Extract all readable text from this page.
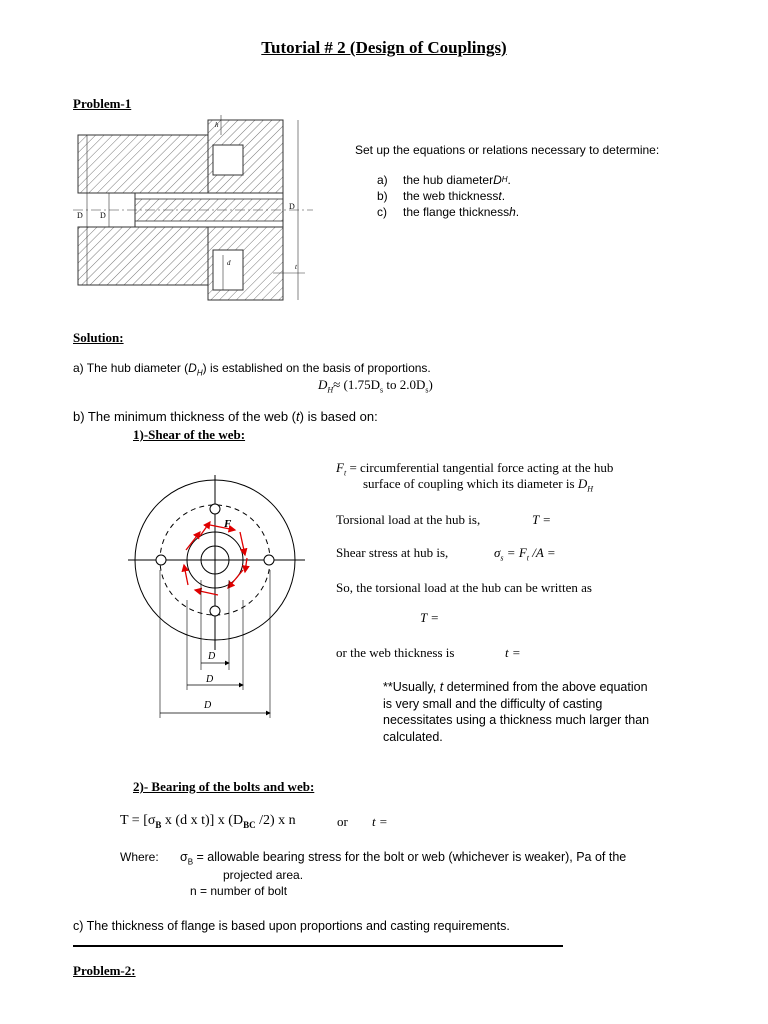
Tutorial # 2 (Design of Couplings)
Problem-1
D D
D
h
d	t
Set up the equations or relations necessary to determine:
a)	the hub diameter D H .
b)	the web thickness t .
c)	the flange thickness h .
Solution:
a) The hub diameter $(D_H)$ is established on the basis of proportions.
$D_H\approx (1.75D_s$ to $2.0D_s$)
b) The minimum thickness of the web (t) is based on:
1)-Shear of the web:
$F_t$ = circumferential tangential force acting at the hub
surface of coupling which its diameter is $D_H$
Torsional load at the hub is,	T =
Shear stress at hub is,	$\sigma_s = F_t$ /A =
So, the torsional load at the hub can be written as
T =
or the web thickness is	t =
**Usually, t determined from the above equation
is very small and the difficulty of casting
necessitates using a thickness much larger than
calculated.
F
D
D
D
2)- Bearing of the bolts and web:
$T = [\sigma_B$ x (d x t)] x ($D_{BC}$ /2) x n	or t =
Where: $\sigma_B$ = allowable bearing stress for the bolt or web (whichever is weaker), Pa of the
projected area.
n = number of bolt
c) The thickness of flange is based upon proportions and casting requirements.
Problem-2:
